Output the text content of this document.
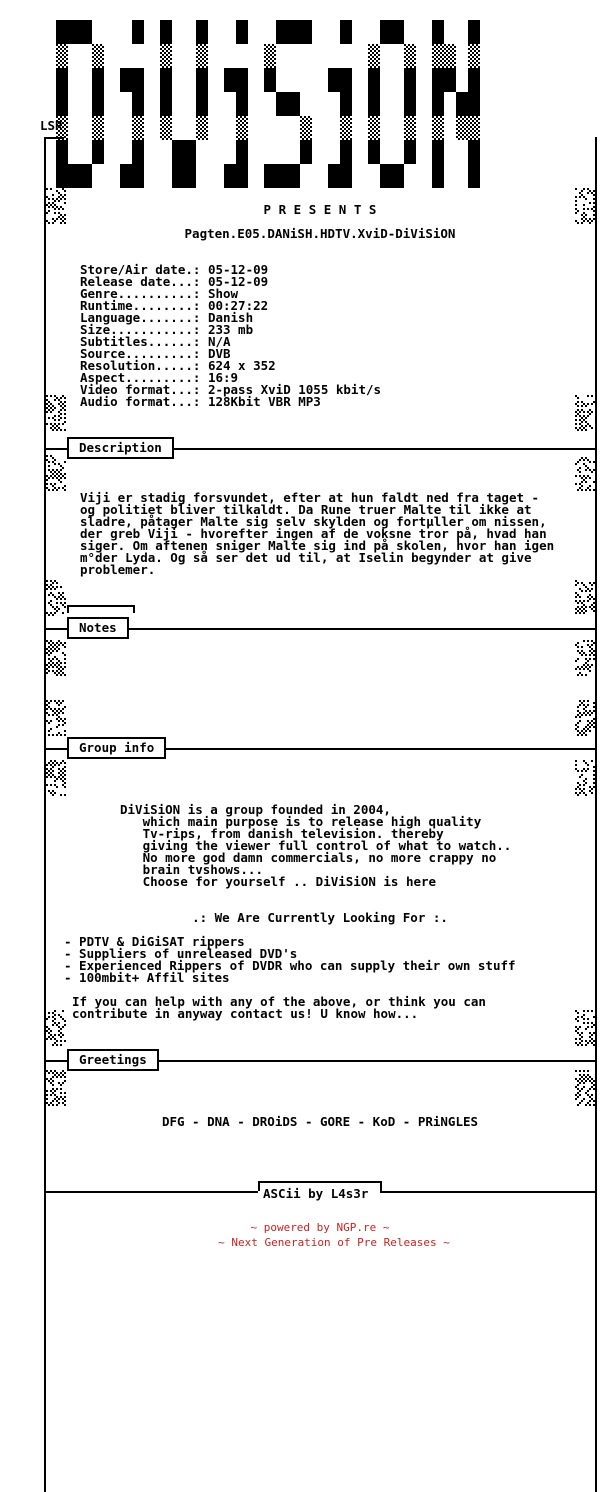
LSR
P R E S E N T S
Pagten.E05.DANiSH.HDTV.XviD-DiViSiON
Store/Air date.: 05-12-09
Release date...: 05-12-09
Genre..........: Show
Runtime........: 00:27:22
Language.......: Danish
Size...........: 233 mb
Subtitles......: N/A
Source.........: DVB
Resolution.....: 624 x 352
Aspect.........: 16:9
Video format...: 2-pass XviD 1055 kbit/s
Audio format...: 128Kbit VBR MP3
Description
Viji er stadig forsvundet, efter at hun faldt ned fra taget -
og politiet bliver tilkaldt. Da Rune truer Malte til ikke at
sladre, påtager Malte sig selv skylden og fortµller om nissen,
der greb Viji - hvorefter ingen af de voksne tror på, hvad han
siger. Om aftenen sniger Malte sig ind på skolen, hvor han igen
m°der Lyda. Og så ser det ud til, at Iselin begynder at give
problemer.
Notes
Group info
DiViSiON is a group founded in 2004,
which main purpose is to release high quality
Tv-rips, from danish television. thereby
giving the viewer full control of what to watch..
No more god damn commercials, no more crappy no
brain tvshows...
Choose for yourself .. DiViSiON is here
.: We Are Currently Looking For :.
- PDTV & DiGiSAT rippers
- Suppliers of unreleased DVD's
- Experienced Rippers of DVDR who can supply their own stuff
- 100mbit+ Affil sites
If you can help with any of the above, or think you can
contribute in anyway contact us! U know how...
Greetings
DFG - DNA - DROiDS - GORE - KoD - PRiNGLES
ASCii by L4s3r
~ powered by NGP.re ~
~ Next Generation of Pre Releases ~
